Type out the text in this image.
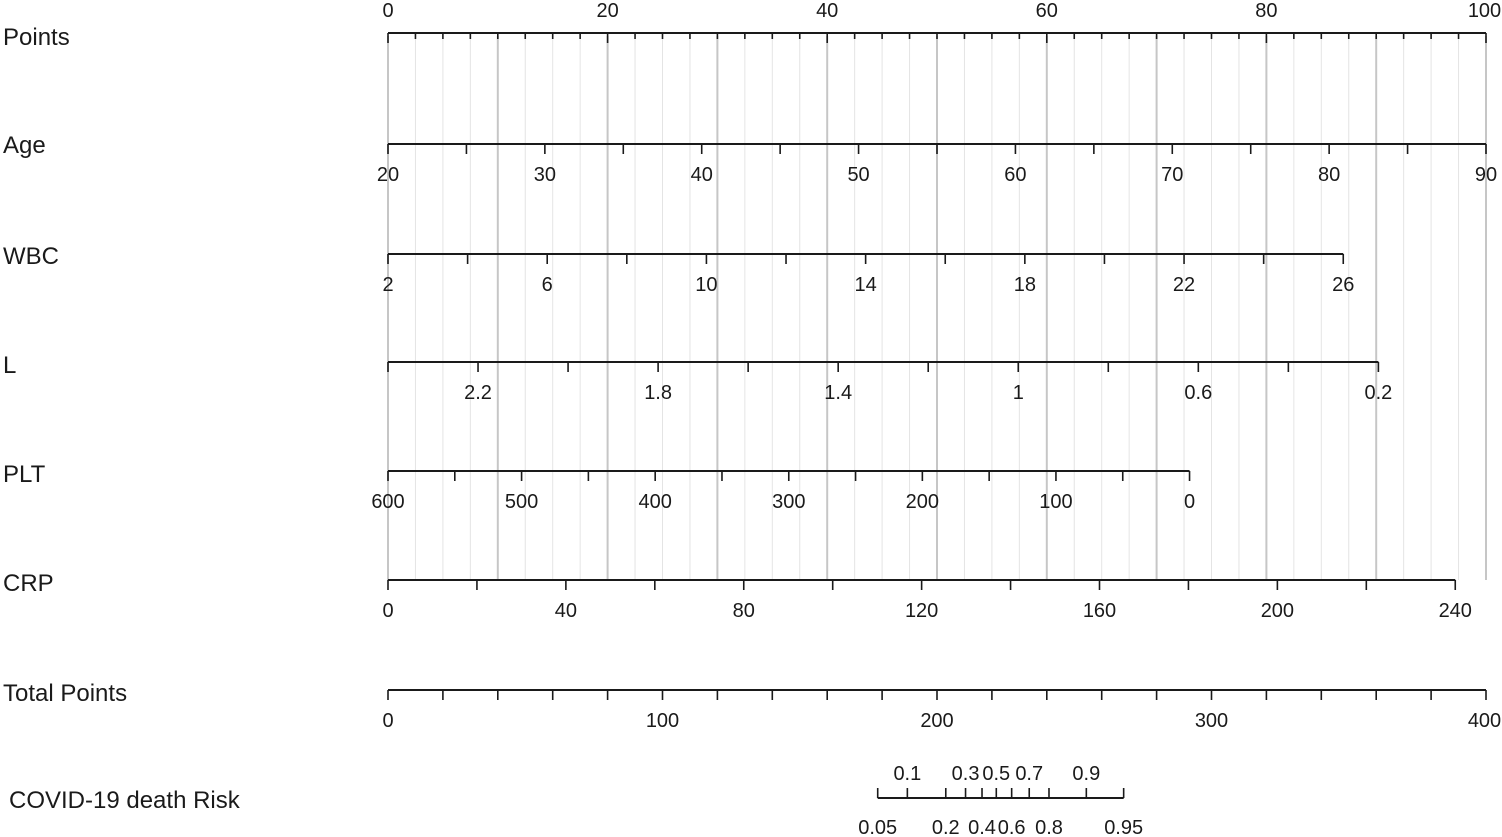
Points
0	20	40	60	80	100
Age
20	30	40	50	60	70	80	90
WBC
2	6	10	14	18	22	26
L
2.2	1.8	1.4	1	0.6	0.2
PLT
600	500	400	300	200	100	0
CRP
0	40	80	120	160	200	240
Total Points
0	100	200	300	400
COVID-19 death Risk
0.1 0.3 0.5 0.7 0.9
0.05 0.2 0.4 0.6 0.8 0.95
